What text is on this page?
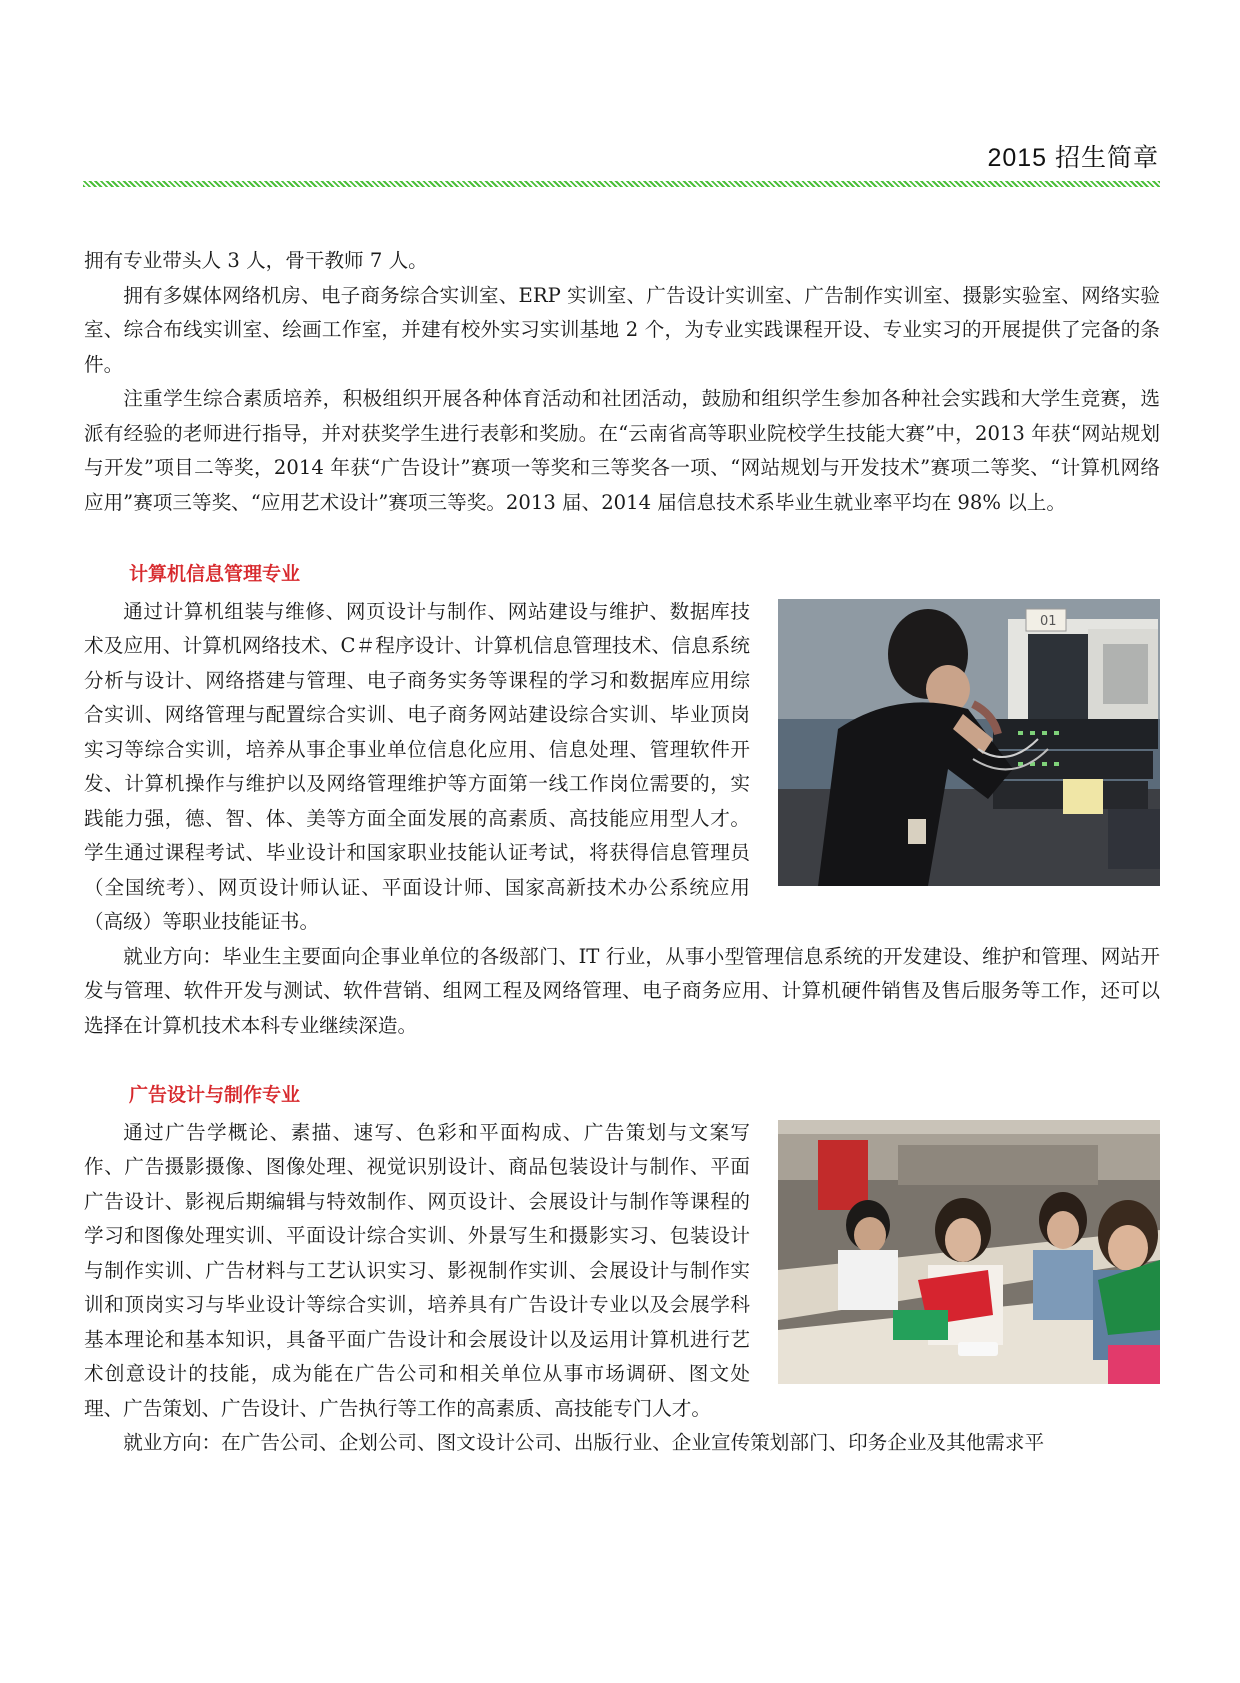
2015 招生简章

拥有专业带头人 3 人，骨干教师 7 人。

拥有多媒体网络机房、电子商务综合实训室、ERP 实训室、广告设计实训室、广告制作实训室、摄影实验室、网络实验室、综合布线实训室、绘画工作室，并建有校外实习实训基地 2 个，为专业实践课程开设、专业实习的开展提供了完备的条件。

注重学生综合素质培养，积极组织开展各种体育活动和社团活动，鼓励和组织学生参加各种社会实践和大学生竞赛，选派有经验的老师进行指导，并对获奖学生进行表彰和奖励。在“云南省高等职业院校学生技能大赛”中，2013 年获“网站规划与开发”项目二等奖，2014 年获“广告设计”赛项一等奖和三等奖各一项、“网站规划与开发技术”赛项二等奖、“计算机网络应用”赛项三等奖、“应用艺术设计”赛项三等奖。2013 届、2014 届信息技术系毕业生就业率平均在 98% 以上。

计算机信息管理专业
01

通过计算机组装与维修、网页设计与制作、网站建设与维护、数据库技术及应用、计算机网络技术、C＃程序设计、计算机信息管理技术、信息系统分析与设计、网络搭建与管理、电子商务实务等课程的学习和数据库应用综合实训、网络管理与配置综合实训、电子商务网站建设综合实训、毕业顶岗实习等综合实训，培养从事企事业单位信息化应用、信息处理、管理软件开发、计算机操作与维护以及网络管理维护等方面第一线工作岗位需要的，实践能力强，德、智、体、美等方面全面发展的高素质、高技能应用型人才。学生通过课程考试、毕业设计和国家职业技能认证考试，将获得信息管理员（全国统考）、网页设计师认证、平面设计师、国家高新技术办公系统应用（高级）等职业技能证书。

就业方向：毕业生主要面向企事业单位的各级部门、IT 行业，从事小型管理信息系统的开发建设、维护和管理、网站开发与管理、软件开发与测试、软件营销、组网工程及网络管理、电子商务应用、计算机硬件销售及售后服务等工作，还可以选择在计算机技术本科专业继续深造。

广告设计与制作专业

通过广告学概论、素描、速写、色彩和平面构成、广告策划与文案写作、广告摄影摄像、图像处理、视觉识别设计、商品包装设计与制作、平面广告设计、影视后期编辑与特效制作、网页设计、会展设计与制作等课程的学习和图像处理实训、平面设计综合实训、外景写生和摄影实习、包装设计与制作实训、广告材料与工艺认识实习、影视制作实训、会展设计与制作实训和顶岗实习与毕业设计等综合实训，培养具有广告设计专业以及会展学科基本理论和基本知识，具备平面广告设计和会展设计以及运用计算机进行艺术创意设计的技能，成为能在广告公司和相关单位从事市场调研、图文处理、广告策划、广告设计、广告执行等工作的高素质、高技能专门人才。

就业方向：在广告公司、企划公司、图文设计公司、出版行业、企业宣传策划部门、印务企业及其他需求平
